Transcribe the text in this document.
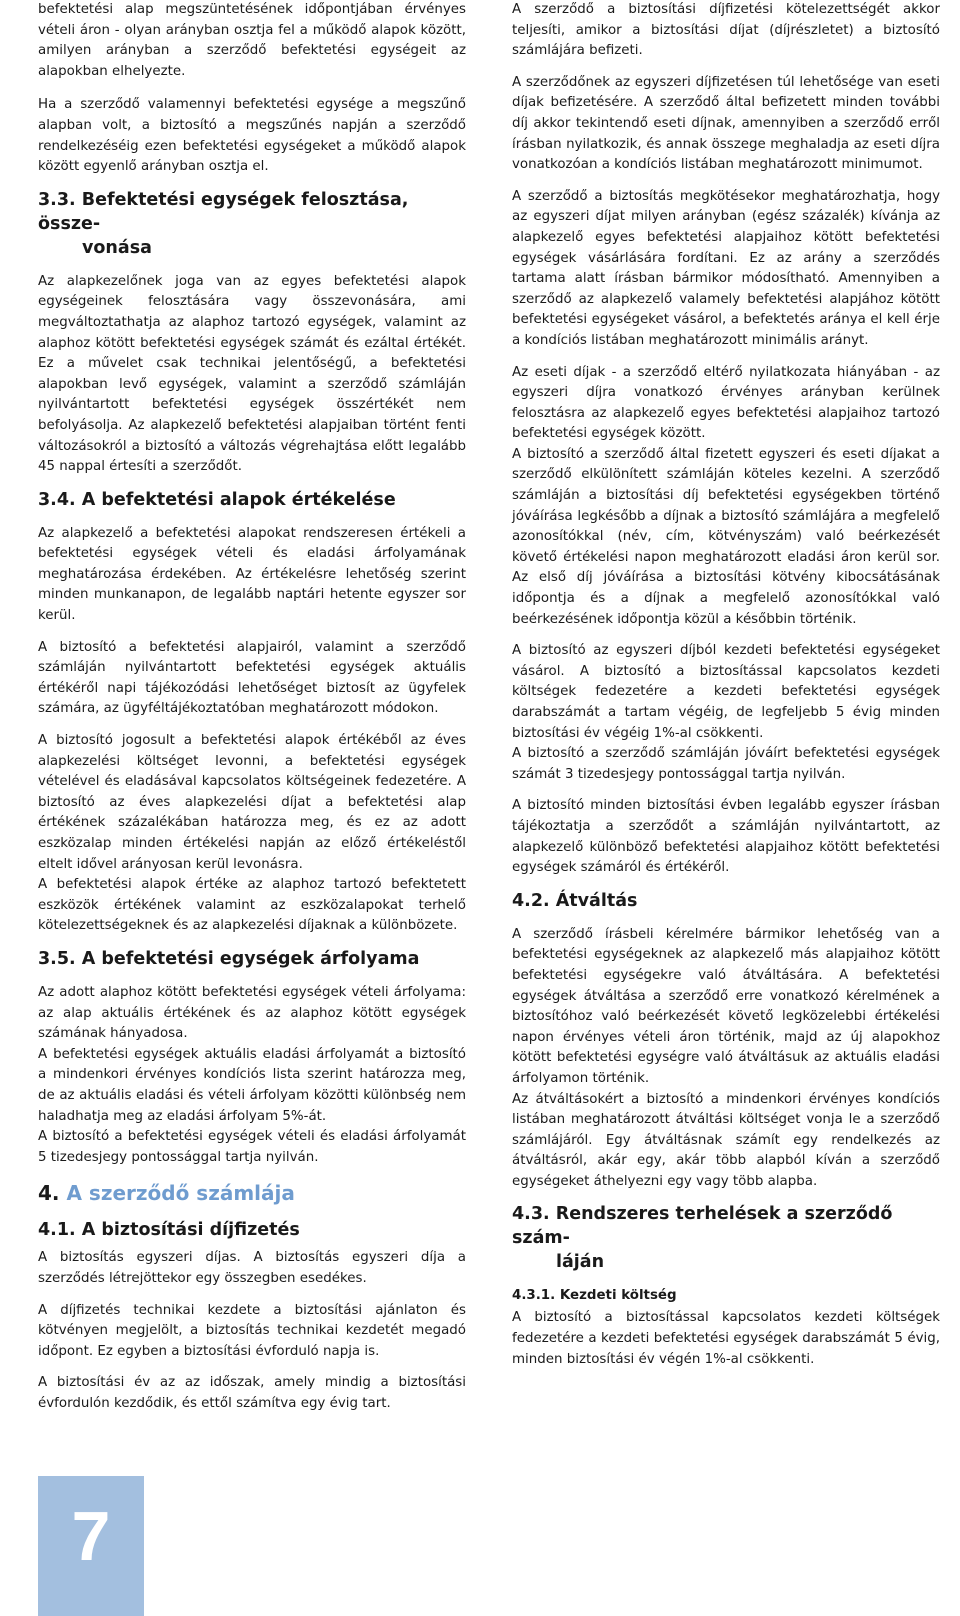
befektetési alap megszüntetésének időpontjában érvényes vételi áron - olyan arányban osztja fel a működő alapok között, amilyen arányban a szerződő befektetési egységeit az alapokban elhelyezte.

Ha a szerződő valamennyi befektetési egysége a megszűnő alapban volt, a biztosító a megszűnés napján a szerződő rendelkezéséig ezen befektetési egységeket a működő alapok között egyenlő arányban osztja el.

3.3. Befektetési egységek felosztása, össze-
vonása

Az alapkezelőnek joga van az egyes befektetési alapok egységeinek felosztására vagy összevonására, ami megváltoztathatja az alaphoz tartozó egységek, valamint az alaphoz kötött befektetési egységek számát és ezáltal értékét. Ez a művelet csak technikai jelentőségű, a befektetési alapokban levő egységek, valamint a szerződő számláján nyilvántartott befektetési egységek összértékét nem befolyásolja. Az alapkezelő befektetési alapjaiban történt fenti változásokról a biztosító a változás végrehajtása előtt legalább 45 nappal értesíti a szerződőt.

3.4. A befektetési alapok értékelése

Az alapkezelő a befektetési alapokat rendszeresen értékeli a befektetési egységek vételi és eladási árfolyamának meghatározása érdekében. Az értékelésre lehetőség szerint minden munkanapon, de legalább naptári hetente egyszer sor kerül.

A biztosító a befektetési alapjairól, valamint a szerződő számláján nyilvántartott befektetési egységek aktuális értékéről napi tájékozódási lehetőséget biztosít az ügyfelek számára, az ügyféltájékoztatóban meghatározott módokon.

A biztosító jogosult a befektetési alapok értékéből az éves alapkezelési költséget levonni, a befektetési egységek vételével és eladásával kapcsolatos költségeinek fedezetére. A biztosító az éves alapkezelési díjat a befektetési alap értékének százalékában határozza meg, és ez az adott eszközalap minden értékelési napján az előző értékeléstől eltelt idővel arányosan kerül levonásra.

A befektetési alapok értéke az alaphoz tartozó befektetett eszközök értékének valamint az eszközalapokat terhelő kötelezettségeknek és az alapkezelési díjaknak a különbözete.

3.5. A befektetési egységek árfolyama

Az adott alaphoz kötött befektetési egységek vételi árfolyama: az alap aktuális értékének és az alaphoz kötött egységek számának hányadosa.

A befektetési egységek aktuális eladási árfolyamát a biztosító a mindenkori érvényes kondíciós lista szerint határozza meg, de az aktuális eladási és vételi árfolyam közötti különbség nem haladhatja meg az eladási árfolyam 5%-át.

A biztosító a befektetési egységek vételi és eladási árfolyamát 5 tizedesjegy pontossággal tartja nyilván.

4. A szerződő számlája
4.1. A biztosítási díjfizetés

A biztosítás egyszeri díjas. A biztosítás egyszeri díja a szerződés létrejöttekor egy összegben esedékes.

A díjfizetés technikai kezdete a biztosítási ajánlaton és kötvényen megjelölt, a biztosítás technikai kezdetét megadó időpont. Ez egyben a biztosítási évforduló napja is.

A biztosítási év az az időszak, amely mindig a biztosítási évfordulón kezdődik, és ettől számítva egy évig tart.

A szerződő a biztosítási díjfizetési kötelezettségét akkor teljesíti, amikor a biztosítási díjat (díjrészletet) a biztosító számlájára befizeti.

A szerződőnek az egyszeri díjfizetésen túl lehetősége van eseti díjak befizetésére. A szerződő által befizetett minden további díj akkor tekintendő eseti díjnak, amennyiben a szerződő erről írásban nyilatkozik, és annak összege meghaladja az eseti díjra vonatkozóan a kondíciós listában meghatározott minimumot.

A szerződő a biztosítás megkötésekor meghatározhatja, hogy az egyszeri díjat milyen arányban (egész százalék) kívánja az alapkezelő egyes befektetési alapjaihoz kötött befektetési egységek vásárlására fordítani. Ez az arány a szerződés tartama alatt írásban bármikor módosítható. Amennyiben a szerződő az alapkezelő valamely befektetési alapjához kötött befektetési egységeket vásárol, a befektetés aránya el kell érje a kondíciós listában meghatározott minimális arányt.

Az eseti díjak - a szerződő eltérő nyilatkozata hiányában - az egyszeri díjra vonatkozó érvényes arányban kerülnek felosztásra az alapkezelő egyes befektetési alapjaihoz tartozó befektetési egységek között.

A biztosító a szerződő által fizetett egyszeri és eseti díjakat a szerződő elkülönített számláján köteles kezelni. A szerződő számláján a biztosítási díj befektetési egységekben történő jóváírása legkésőbb a díjnak a biztosító számlájára a megfelelő azonosítókkal (név, cím, kötvényszám) való beérkezését követő értékelési napon meghatározott eladási áron kerül sor. Az első díj jóváírása a biztosítási kötvény kibocsátásának időpontja és a díjnak a megfelelő azonosítókkal való beérkezésének időpontja közül a későbbin történik.

A biztosító az egyszeri díjból kezdeti befektetési egységeket vásárol. A biztosító a biztosítással kapcsolatos kezdeti költségek fedezetére a kezdeti befektetési egységek darabszámát a tartam végéig, de legfeljebb 5 évig minden biztosítási év végéig 1%-al csökkenti.

A biztosító a szerződő számláján jóváírt befektetési egységek számát 3 tizedesjegy pontossággal tartja nyilván.

A biztosító minden biztosítási évben legalább egyszer írásban tájékoztatja a szerződőt a számláján nyilvántartott, az alapkezelő különböző befektetési alapjaihoz kötött befektetési egységek számáról és értékéről.

4.2. Átváltás

A szerződő írásbeli kérelmére bármikor lehetőség van a befektetési egységeknek az alapkezelő más alapjaihoz kötött befektetési egységekre való átváltására. A befektetési egységek átváltása a szerződő erre vonatkozó kérelmének a biztosítóhoz való beérkezését követő legközelebbi értékelési napon érvényes vételi áron történik, majd az új alapokhoz kötött befektetési egységre való átváltásuk az aktuális eladási árfolyamon történik.

Az átváltásokért a biztosító a mindenkori érvényes kondíciós listában meghatározott átváltási költséget vonja le a szerződő számlájáról. Egy átváltásnak számít egy rendelkezés az átváltásról, akár egy, akár több alapból kíván a szerződő egységeket áthelyezni egy vagy több alapba.

4.3. Rendszeres terhelések a szerződő szám-
láján
4.3.1. Kezdeti költség

A biztosító a biztosítással kapcsolatos kezdeti költségek fedezetére a kezdeti befektetési egységek darabszámát 5 évig, minden biztosítási év végén 1%-al csökkenti.

7
